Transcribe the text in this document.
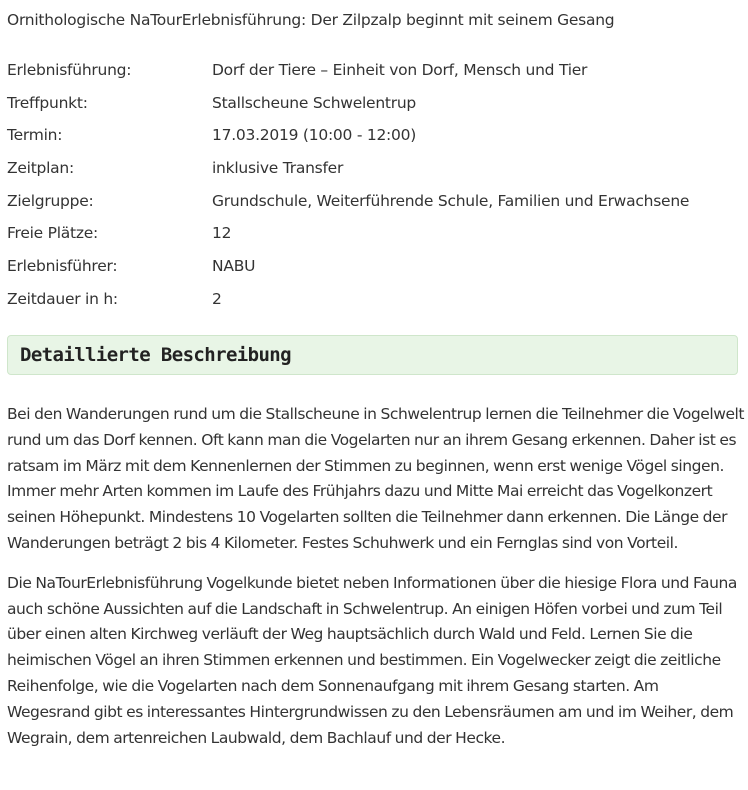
Ornithologische NaTourErlebnisführung: Der Zilpzalp beginnt mit seinem Gesang
Erlebnisführung:	Dorf der Tiere – Einheit von Dorf, Mensch und Tier
Treffpunkt:	Stallscheune Schwelentrup
Termin:	17.03.2019 (10:00 - 12:00)
Zeitplan:	inklusive Transfer
Zielgruppe:	Grundschule, Weiterführende Schule, Familien und Erwachsene
Freie Plätze:	12
Erlebnisführer:	NABU
Zeitdauer in h:	2
Detaillierte Beschreibung

Bei den Wanderungen rund um die Stallscheune in Schwelentrup lernen die Teilnehmer die Vogelwelt rund um das Dorf kennen. Oft kann man die Vogelarten nur an ihrem Gesang erkennen. Daher ist es ratsam im März mit dem Kennenlernen der Stimmen zu beginnen, wenn erst wenige Vögel singen. Immer mehr Arten kommen im Laufe des Frühjahrs dazu und Mitte Mai erreicht das Vogelkonzert seinen Höhepunkt. Mindestens 10 Vogelarten sollten die Teilnehmer dann erkennen. Die Länge der Wanderungen beträgt 2 bis 4 Kilometer. Festes Schuhwerk und ein Fernglas sind von Vorteil.

Die NaTourErlebnisführung Vogelkunde bietet neben Informationen über die hiesige Flora und Fauna auch schöne Aussichten auf die Landschaft in Schwelentrup. An einigen Höfen vorbei und zum Teil über einen alten Kirchweg verläuft der Weg hauptsächlich durch Wald und Feld. Lernen Sie die heimischen Vögel an ihren Stimmen erkennen und bestimmen. Ein Vogelwecker zeigt die zeitliche Reihenfolge, wie die Vogelarten nach dem Sonnenaufgang mit ihrem Gesang starten. Am Wegesrand gibt es interessantes Hintergrundwissen zu den Lebensräumen am und im Weiher, dem Wegrain, dem artenreichen Laubwald, dem Bachlauf und der Hecke.
